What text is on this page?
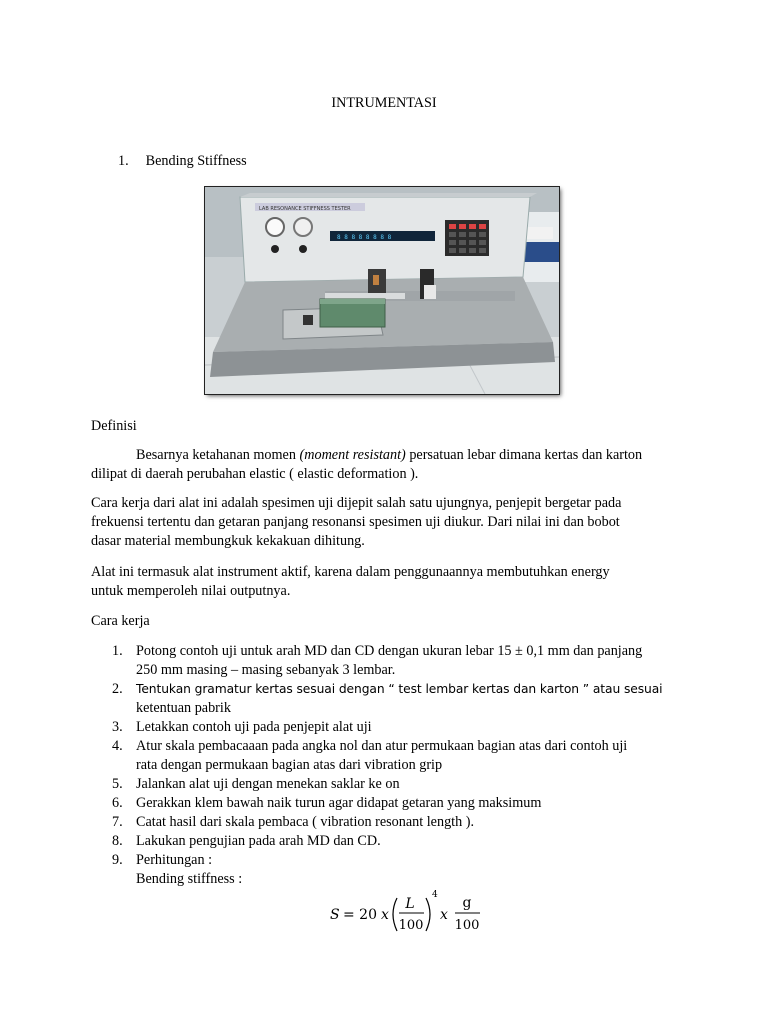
INTRUMENTASI
1. Bending Stiffness
LAB RESONANCE STIFFNESS TESTER
8 8 8 8 8 8 8 8
Definisi
Besarnya ketahanan momen (moment resistant) persatuan lebar dimana kertas dan karton
dilipat di daerah perubahan elastic ( elastic deformation ).
Cara kerja dari alat ini adalah spesimen uji dijepit salah satu ujungnya, penjepit bergetar pada
frekuensi tertentu dan getaran panjang resonansi spesimen uji diukur. Dari nilai ini dan bobot
dasar material membungkuk kekakuan dihitung.
Alat ini termasuk alat instrument aktif, karena dalam penggunaannya membutuhkan energy
untuk memperoleh nilai outputnya.
Cara kerja
1. Potong contoh uji untuk arah MD dan CD dengan ukuran lebar 15 ± 0,1 mm dan panjang
250 mm masing – masing sebanyak 3 lembar.
2. Tentukan gramatur kertas sesuai dengan “ test lembar kertas dan karton ” atau sesuai
ketentuan pabrik
3. Letakkan contoh uji pada penjepit alat uji
4. Atur skala pembacaaan pada angka nol dan atur permukaan bagian atas dari contoh uji
rata dengan permukaan bagian atas dari vibration grip
5. Jalankan alat uji dengan menekan saklar ke on
6. Gerakkan klem bawah naik turun agar didapat getaran yang maksimum
7. Catat hasil dari skala pembaca ( vibration resonant length ).
8. Lakukan pengujian pada arah MD dan CD.
9. Perhitungan :
Bending stiffness :
S = 20 x
L
100
4
x
g
100
